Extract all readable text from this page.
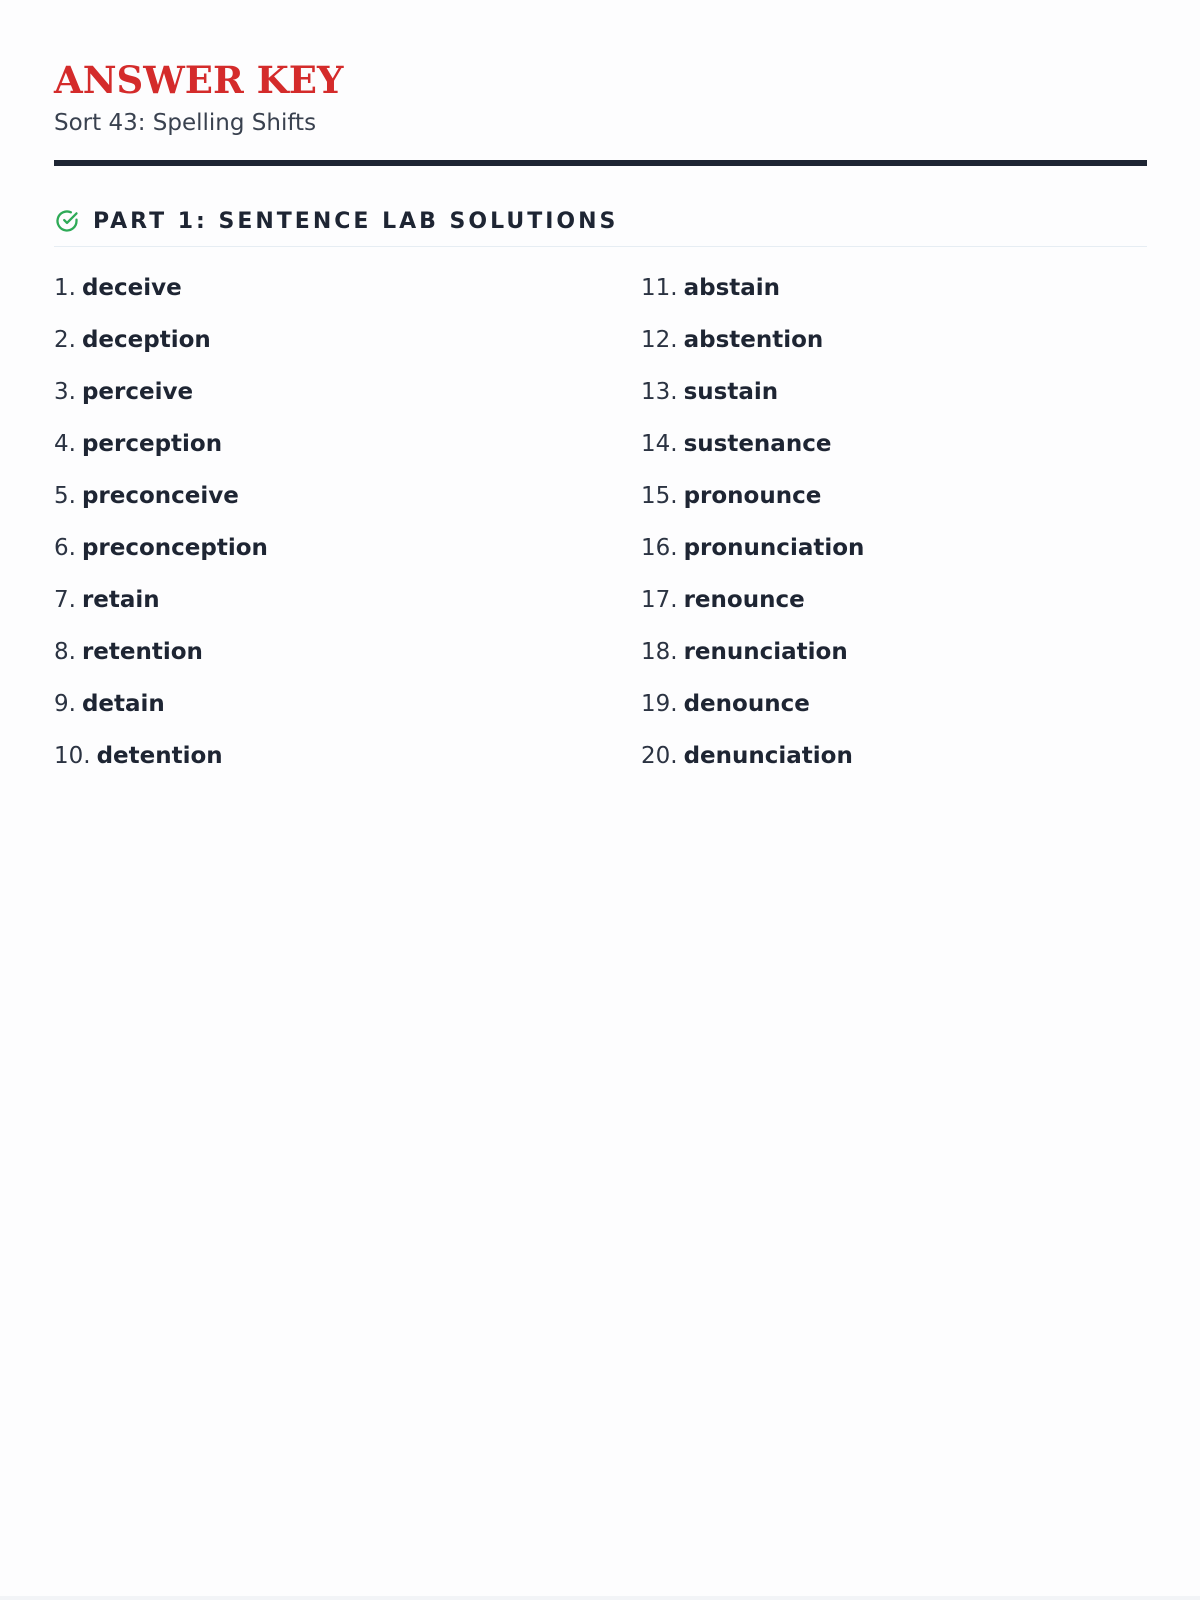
ANSWER KEY
Sort 43: Spelling Shifts
PART 1: SENTENCE LAB SOLUTIONS
1. deceive
2. deception
3. perceive
4. perception
5. preconceive
6. preconception
7. retain
8. retention
9. detain
10. detention
11. abstain
12. abstention
13. sustain
14. sustenance
15. pronounce
16. pronunciation
17. renounce
18. renunciation
19. denounce
20. denunciation
